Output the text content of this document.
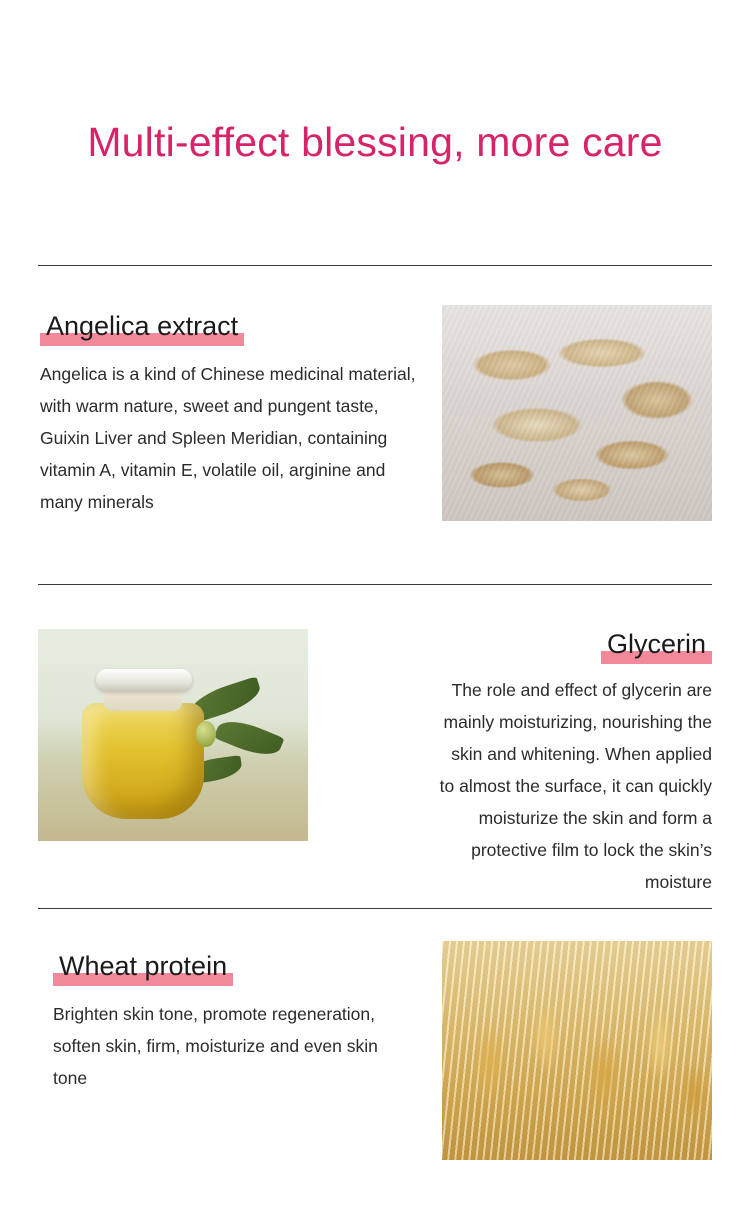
Multi-effect blessing, more care
Angelica extract

Angelica is a kind of Chinese medicinal material, with warm nature, sweet and pungent taste, Guixin Liver and Spleen Meridian, containing vitamin A, vitamin E, volatile oil, arginine and many minerals

Glycerin

The role and effect of glycerin are mainly moisturizing, nourishing the skin and whitening. When applied to almost the surface, it can quickly moisturize the skin and form a protective film to lock the skin’s moisture

Wheat protein

Brighten skin tone, promote regeneration, soften skin, firm, moisturize and even skin tone
